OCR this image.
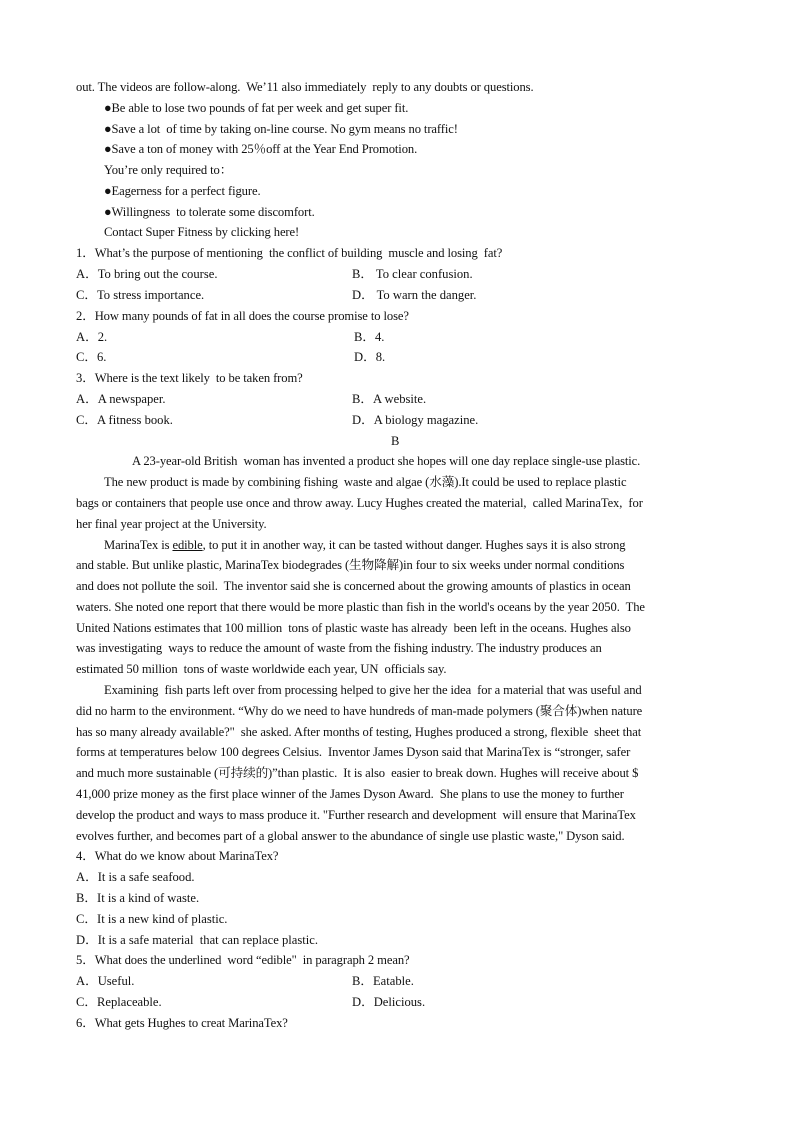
out. The videos are follow-along.  We’11 also immediately  reply to any doubts or questions.
●Be able to lose two pounds of fat per week and get super fit.
●Save a lot  of time by taking on-line course. No gym means no traffic!
●Save a ton of money with 25％off at the Year End Promotion.
You’re only required to：
●Eagerness for a perfect figure.
●Willingness  to tolerate some discomfort.
Contact Super Fitness by clicking here!
1．What’s the purpose of mentioning  the conflict of building  muscle and losing  fat?
A．To bring out the course.	B． To clear confusion.
C．To stress importance.	D． To warn the danger.
2．How many pounds of fat in all does the course promise to lose?
A．2.	B．4.
C．6.	D．8.
3．Where is the text likely  to be taken from?
A．A newspaper.	B．A website.
C．A fitness book.	D．A biology magazine.
B
A 23-year-old British  woman has invented a product she hopes will one day replace single-use plastic.
The new product is made by combining fishing  waste and algae (水藻).It could be used to replace plastic
bags or containers that people use once and throw away. Lucy Hughes created the material,  called MarinaTex,  for
her final year project at the University.
MarinaTex is edible, to put it in another way, it can be tasted without danger. Hughes says it is also strong
and stable. But unlike plastic, MarinaTex biodegrades (生物降解)in four to six weeks under normal conditions
and does not pollute the soil.  The inventor said she is concerned about the growing amounts of plastics in ocean
waters. She noted one report that there would be more plastic than fish in the world's oceans by the year 2050.  The
United Nations estimates that 100 million  tons of plastic waste has already  been left in the oceans. Hughes also
was investigating  ways to reduce the amount of waste from the fishing industry. The industry produces an
estimated 50 million  tons of waste worldwide each year, UN  officials say.
Examining  fish parts left over from processing helped to give her the idea  for a material that was useful and
did no harm to the environment. “Why do we need to have hundreds of man-made polymers (聚合体)when nature
has so many already available?"  she asked. After months of testing, Hughes produced a strong, flexible  sheet that
forms at temperatures below 100 degrees Celsius.  Inventor James Dyson said that MarinaTex is “stronger, safer
and much more sustainable (可持续的)”than plastic.  It is also  easier to break down. Hughes will receive about $
41,000 prize money as the first place winner of the James Dyson Award.  She plans to use the money to further
develop the product and ways to mass produce it. "Further research and development  will ensure that MarinaTex
evolves further, and becomes part of a global answer to the abundance of single use plastic waste," Dyson said.
4．What do we know about MarinaTex?
A．It is a safe seafood.
B．It is a kind of waste.
C．It is a new kind of plastic.
D．It is a safe material  that can replace plastic.
5．What does the underlined  word “edible"  in paragraph 2 mean?
A．Useful.	B．Eatable.
C．Replaceable.	D．Delicious.
6．What gets Hughes to creat MarinaTex?
